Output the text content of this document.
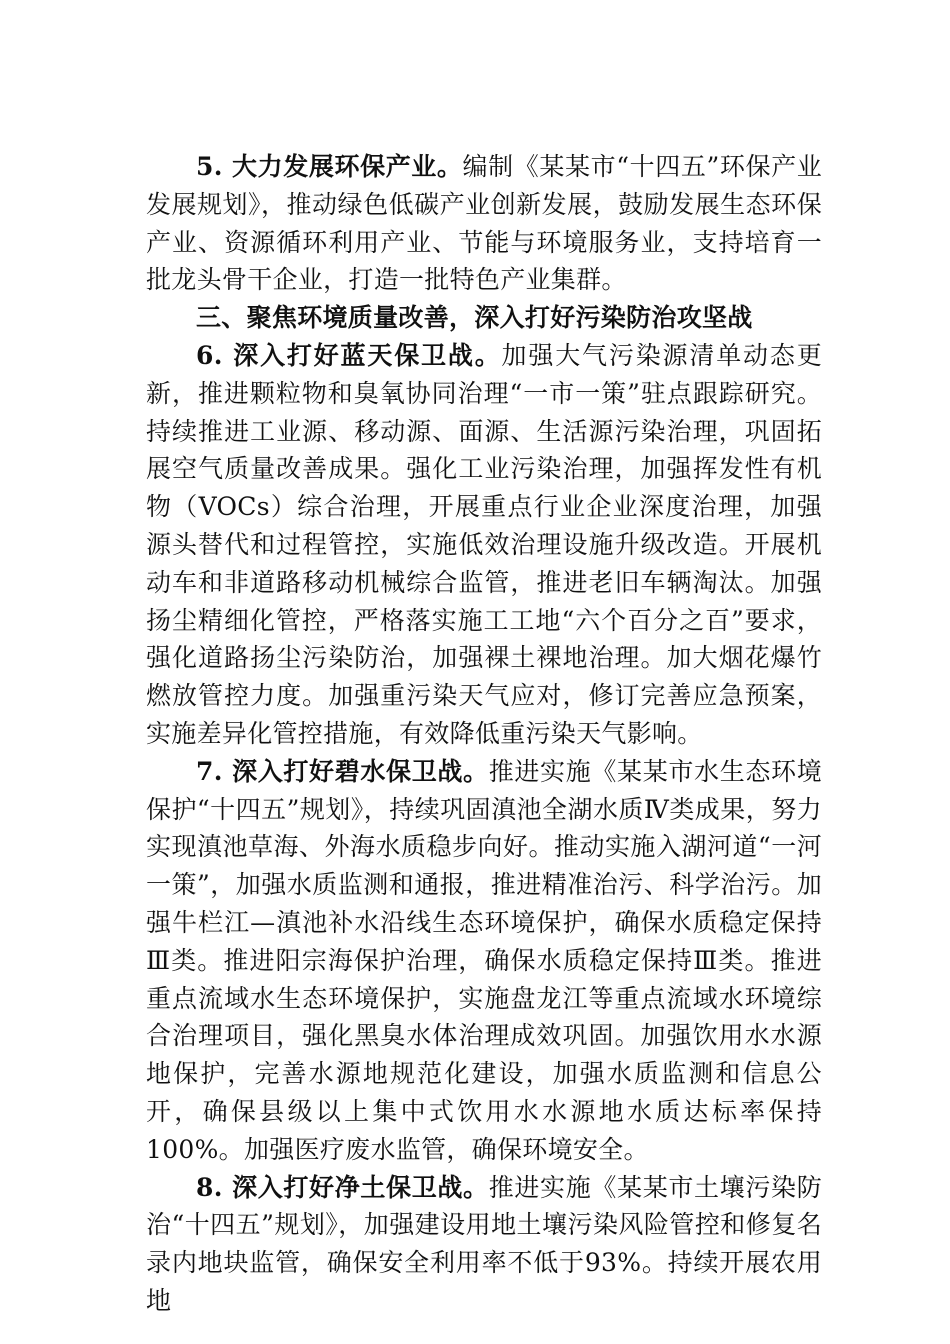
5. 大力发展环保产业。编制《某某市“十四五”环保产业发展规划》，推动绿色低碳产业创新发展，鼓励发展生态环保产业、资源循环利用产业、节能与环境服务业，支持培育一批龙头骨干企业，打造一批特色产业集群。

三、聚焦环境质量改善，深入打好污染防治攻坚战

6. 深入打好蓝天保卫战。加强大气污染源清单动态更新，推进颗粒物和臭氧协同治理“一市一策”驻点跟踪研究。持续推进工业源、移动源、面源、生活源污染治理，巩固拓展空气质量改善成果。强化工业污染治理，加强挥发性有机物（VOCs）综合治理，开展重点行业企业深度治理，加强源头替代和过程管控，实施低效治理设施升级改造。开展机动车和非道路移动机械综合监管，推进老旧车辆淘汰。加强扬尘精细化管控，严格落实施工工地“六个百分之百”要求，强化道路扬尘污染防治，加强裸土裸地治理。加大烟花爆竹燃放管控力度。加强重污染天气应对，修订完善应急预案，实施差异化管控措施，有效降低重污染天气影响。

7. 深入打好碧水保卫战。推进实施《某某市水生态环境保护“十四五”规划》，持续巩固滇池全湖水质Ⅳ类成果，努力实现滇池草海、外海水质稳步向好。推动实施入湖河道“一河一策”，加强水质监测和通报，推进精准治污、科学治污。加强牛栏江—滇池补水沿线生态环境保护，确保水质稳定保持Ⅲ类。推进阳宗海保护治理，确保水质稳定保持Ⅲ类。推进重点流域水生态环境保护，实施盘龙江等重点流域水环境综合治理项目，强化黑臭水体治理成效巩固。加强饮用水水源地保护，完善水源地规范化建设，加强水质监测和信息公开，确保县级以上集中式饮用水水源地水质达标率保持100%。加强医疗废水监管，确保环境安全。

8. 深入打好净土保卫战。推进实施《某某市土壤污染防治“十四五”规划》，加强建设用地土壤污染风险管控和修复名录内地块监管，确保安全利用率不低于93%。持续开展农用地
